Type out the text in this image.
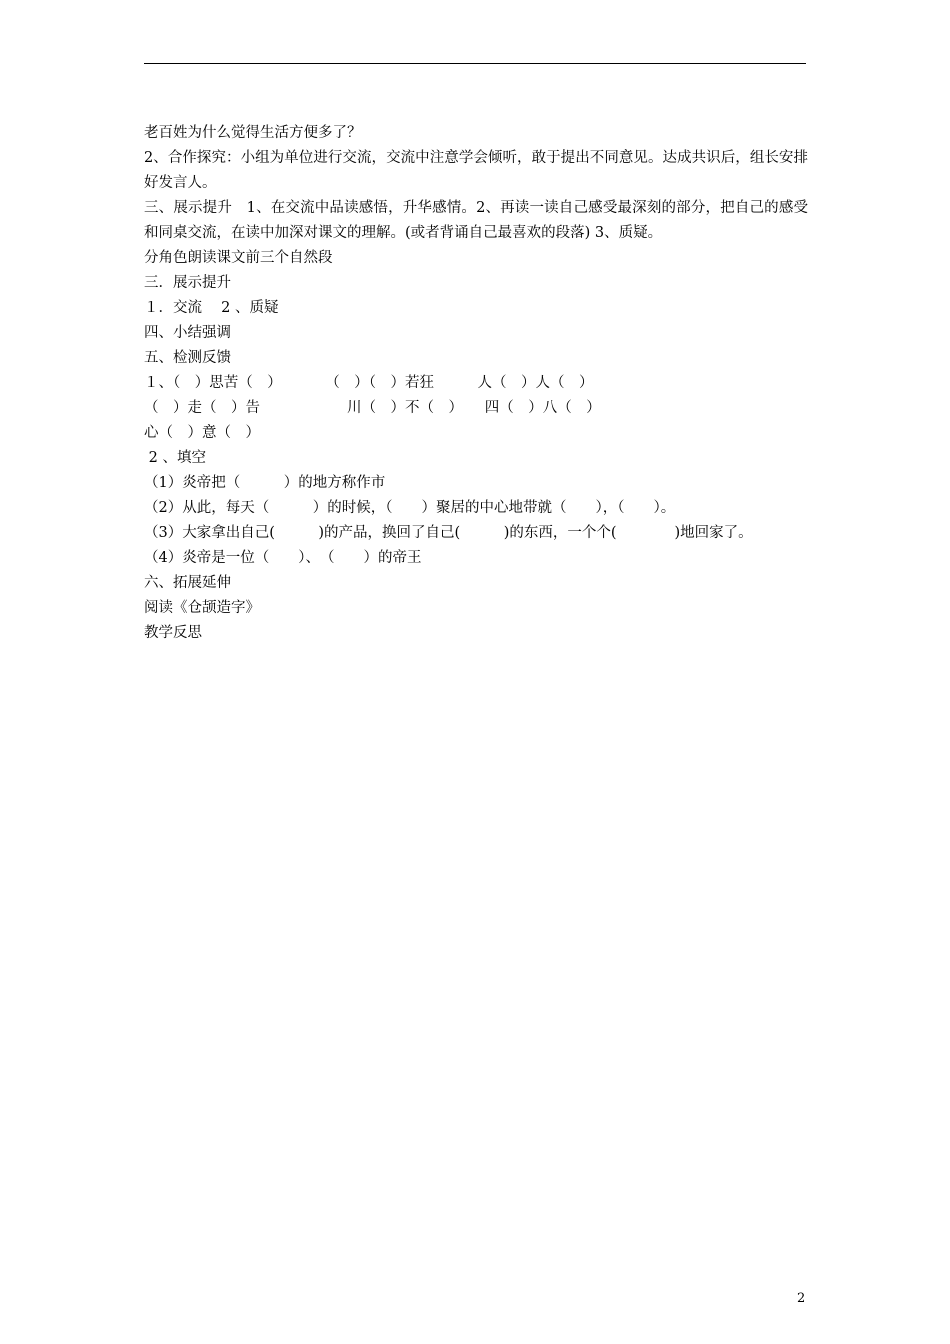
老百姓为什么觉得生活方便多了？
2、合作探究：小组为单位进行交流，交流中注意学会倾听，敢于提出不同意见。达成共识后，组长安排好发言人。
三、展示提升　1、在交流中品读感悟，升华感情。2、再读一读自己感受最深刻的部分，把自己的感受和同桌交流，在读中加深对课文的理解。(或者背诵自己最喜欢的段落) 3、质疑。
分角色朗读课文前三个自然段
三．展示提升
１．交流　 2 、质疑
四、小结强调
五、检测反馈
１、（　）思苦（　）　　　　（　）（　）若狂　　　人（　）人（　）
（　）走（　）告　　　　　　川（　）不（　）　　四（　）八（　）
心（　）意（　）
2 、填空
（1）炎帝把（　　　）的地方称作市
（2）从此，每天（　　　）的时候，（　　）聚居的中心地带就（　　），（　　）。
（3）大家拿出自己(　　　)的产品，换回了自己(　　　)的东西，一个个(　　　　)地回家了。
（4）炎帝是一位（　　）、　（　　）的帝王
六、拓展延伸
阅读《仓颉造字》
教学反思
2
